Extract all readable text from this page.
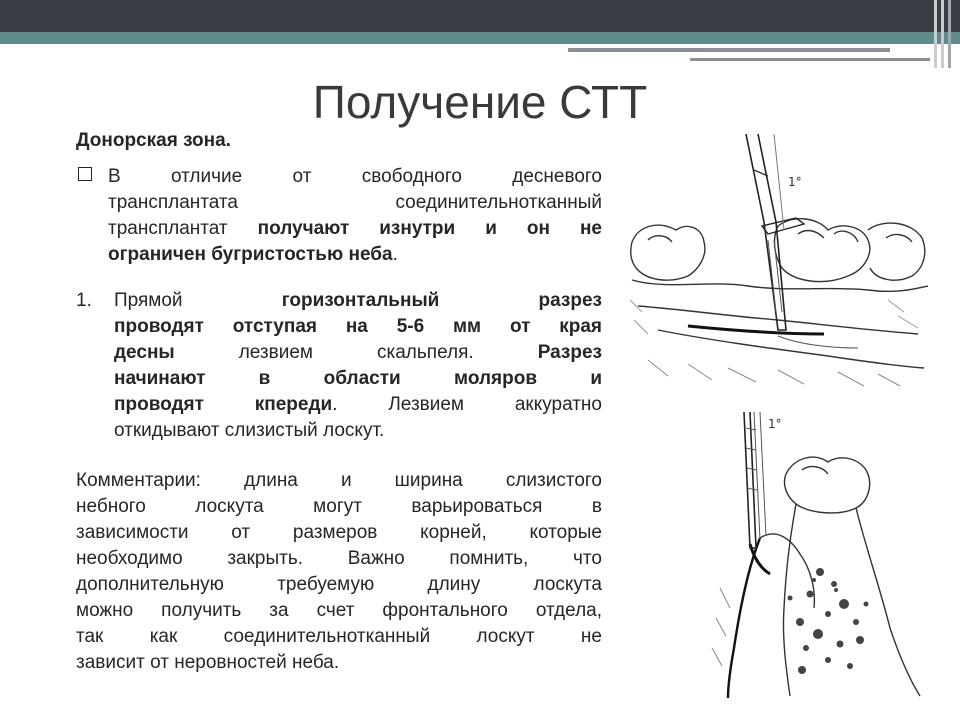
Получение СТТ
Донорская зона.
В отличие от свободного десневого
трансплантата соединительнотканный
трансплантат получают изнутри и он не
ограничен бугристостью неба.
1. Прямой горизонтальный разрез
проводят отступая на 5-6 мм от края
десны лезвием скальпеля. Разрез
начинают в области моляров и
проводят кпереди. Лезвием аккуратно
откидывают слизистый лоскут.
Комментарии: длина и ширина слизистого
небного лоскута могут варьироваться в
зависимости от размеров корней, которые
необходимо закрыть. Важно помнить, что
дополнительную требуемую длину лоскута
можно получить за счет фронтального отдела,
так как соединительнотканный лоскут не
зависит от неровностей неба.
1°
1°
